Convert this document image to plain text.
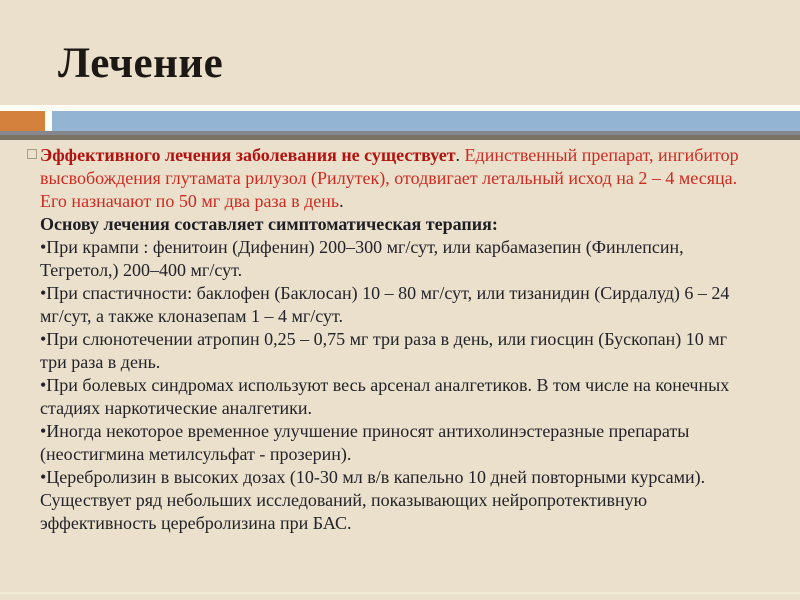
Лечение

Эффективного лечения заболевания не существует. Единственный препарат, ингибитор высвобождения глутамата рилузол (Рилутек), отодвигает летальный исход на 2 – 4 месяца. Его назначают по 50 мг два раза в день.

Основу лечения составляет симптоматическая терапия:

•При крампи : фенитоин (Дифенин) 200–300 мг/сут, или карбамазепин (Финлепсин, Тегретол,) 200–400 мг/сут.

•При спастичности: баклофен (Баклосан) 10 – 80 мг/сут, или тизанидин (Сирдалуд) 6 – 24 мг/сут, а также клоназепам 1 – 4 мг/сут.

•При слюнотечении атропин 0,25 – 0,75 мг три раза в день, или гиосцин (Бускопан) 10 мг три раза в день.

•При болевых синдромах используют весь арсенал аналгетиков. В том числе на конечных стадиях наркотические аналгетики.

•Иногда некоторое временное улучшение приносят антихолинэстеразные препараты (неостигмина метилсульфат - прозерин).

•Церебролизин в высоких дозах (10-30 мл в/в капельно 10 дней повторными курсами). Существует ряд небольших исследований, показывающих нейропротективную эффективность церебролизина при БАС.
